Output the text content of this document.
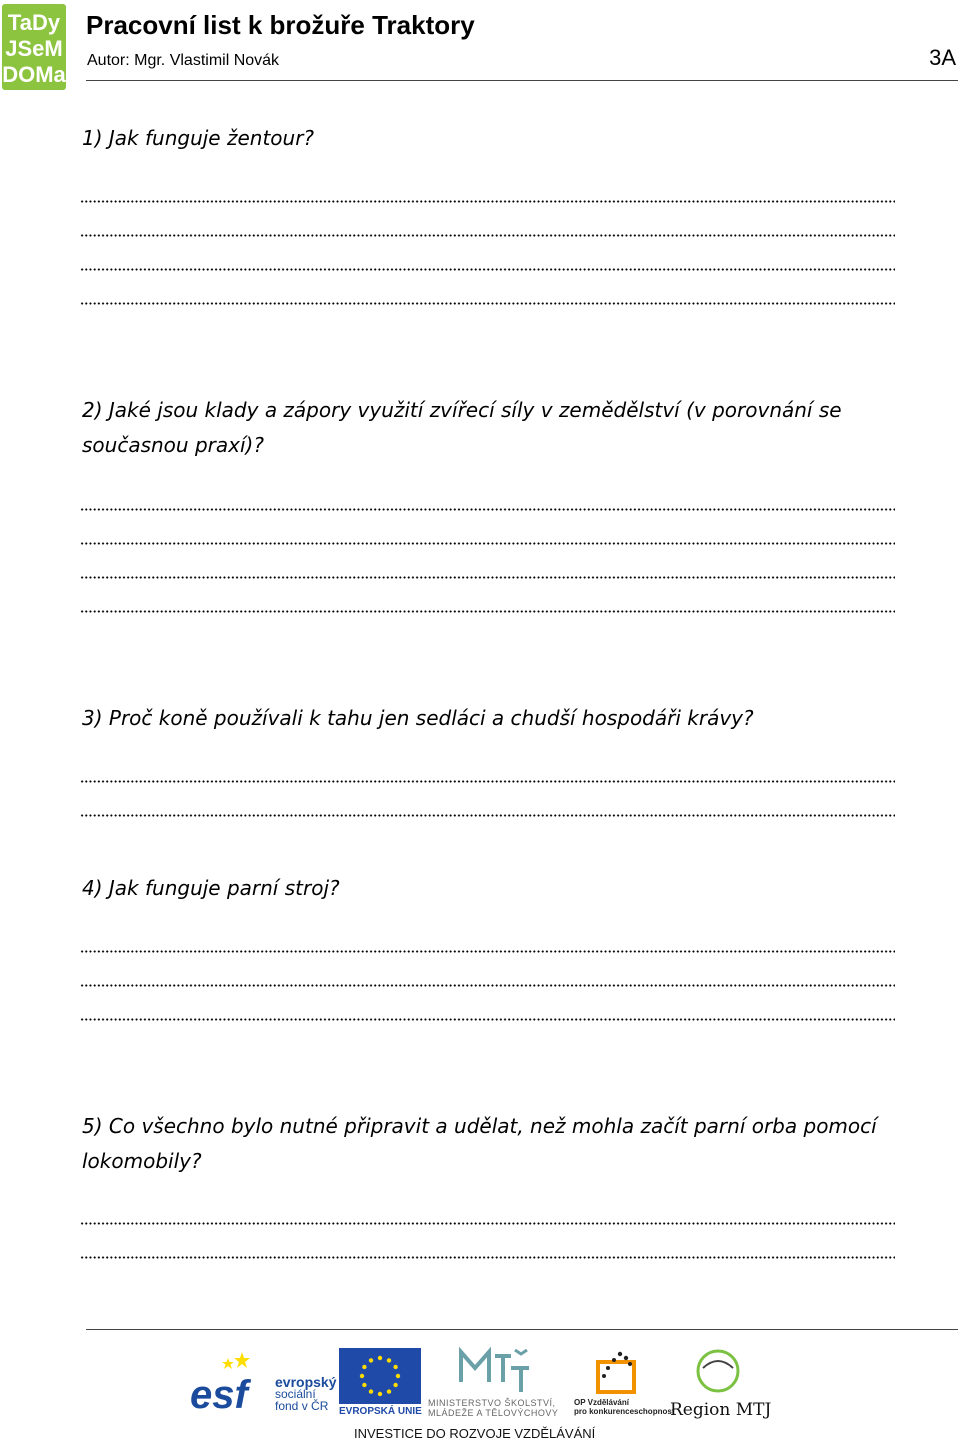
TaDy
JSeM
DOMa
Pracovní list k brožuře Traktory
Autor: Mgr. Vlastimil Novák	3A
1) Jak funguje žentour?
2) Jaké jsou klady a zápory využití zvířecí síly v zemědělství (v porovnání se současnou praxí)?
3) Proč koně používali k tahu jen sedláci a chudší hospodáři krávy?
4) Jak funguje parní stroj?
5) Co všechno bylo nutné připravit a udělat, než mohla začít parní orba pomocí lokomobily?
esf evropský
sociální
fond v ČR	EVROPSKÁ UNIE
MINISTERSTVO ŠKOLSTVÍ,
MLÁDEŽE A TĚLOVÝCHOVY
OP Vzdělávání
pro konkurenceschopnost
Region MTJ
INVESTICE DO ROZVOJE VZDĚLÁVÁNÍ
